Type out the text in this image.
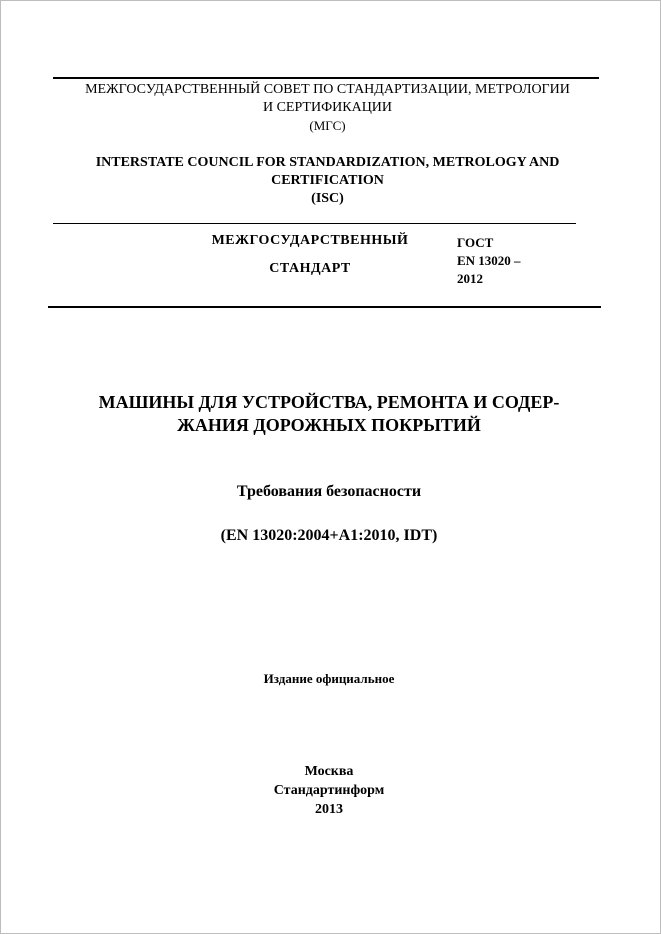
МЕЖГОСУДАРСТВЕННЫЙ СОВЕТ ПО СТАНДАРТИЗАЦИИ, МЕТРОЛОГИИ
И СЕРТИФИКАЦИИ
(МГС)
INTERSTATE COUNCIL FOR STANDARDIZATION, METROLOGY AND
CERTIFICATION
(ISC)
МЕЖГОСУДАРСТВЕННЫЙ
СТАНДАРТ
ГОСТ
EN 13020 –
2012
МАШИНЫ ДЛЯ УСТРОЙСТВА, РЕМОНТА И СОДЕР-
ЖАНИЯ ДОРОЖНЫХ ПОКРЫТИЙ
Требования безопасности
(EN 13020:2004+A1:2010, IDT)
Издание официальное
Москва
Стандартинформ
2013
